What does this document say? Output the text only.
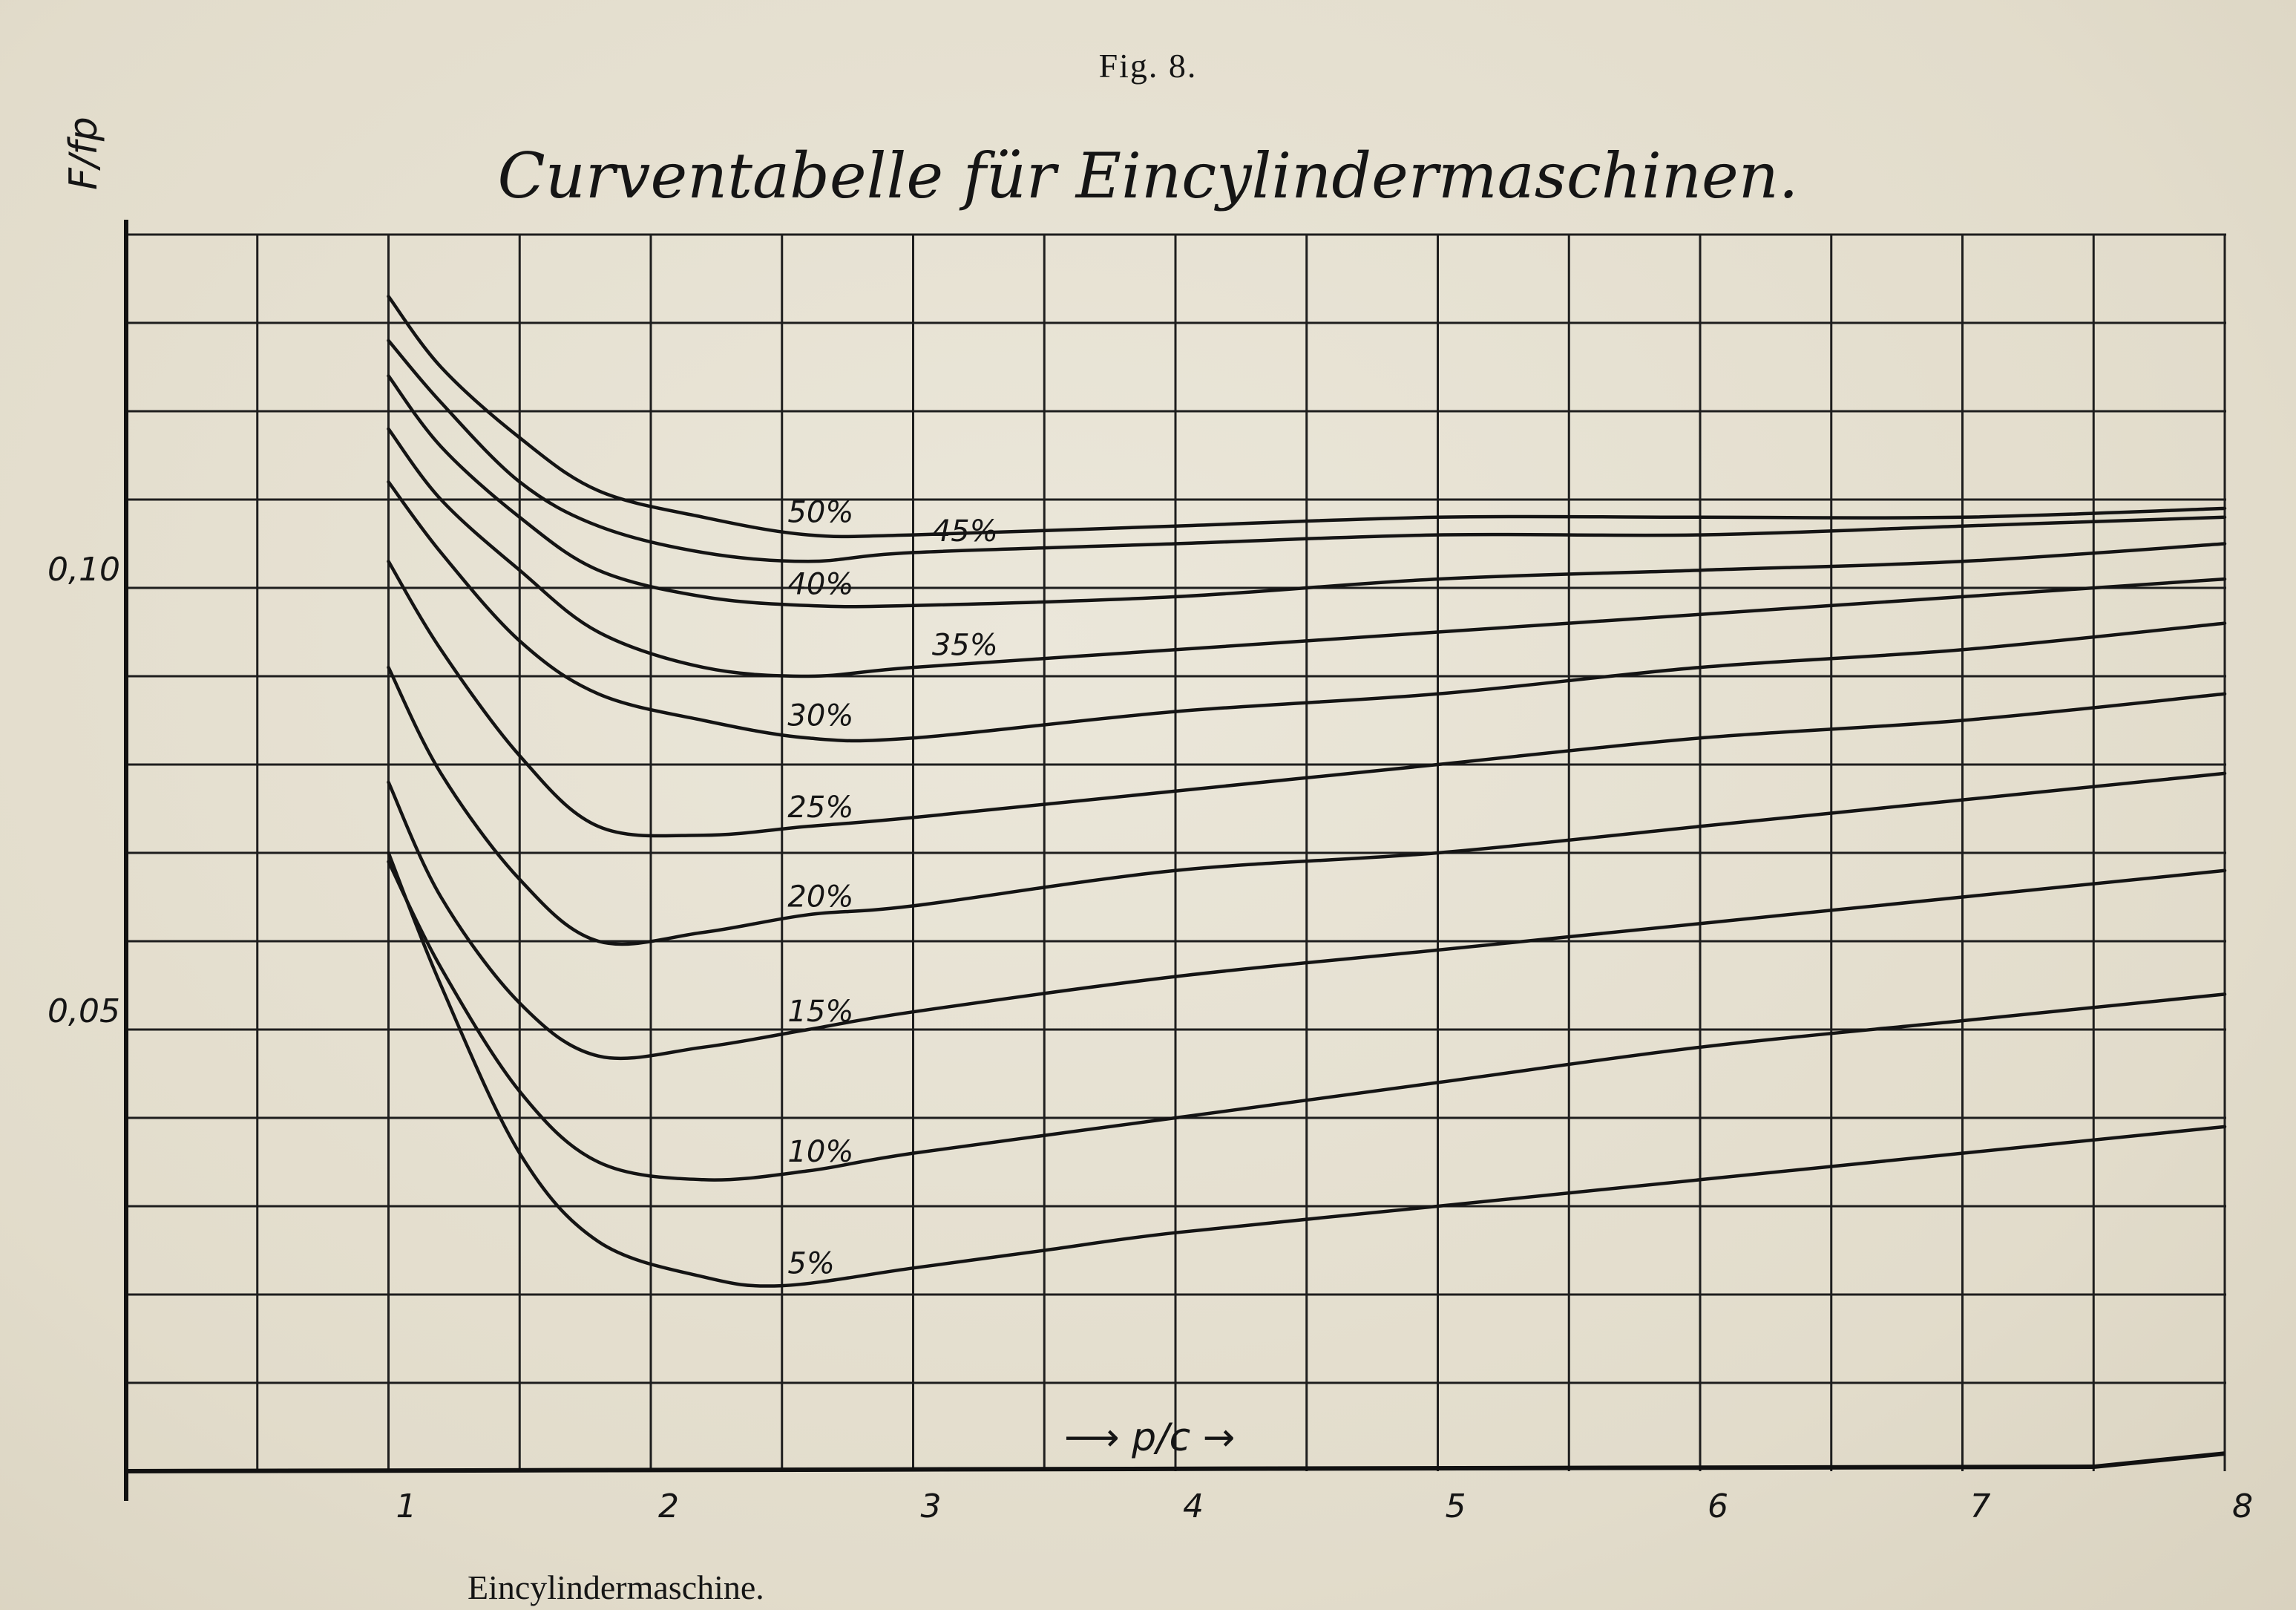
Fig. 8.
Curventabelle für Eincylindermaschinen.
5%
10%
15%
20%
25%
30%
35%
40%
45%
50%
1	2	3	4	5	6	7	8
0,05
0,10
F/fp
⟶ p/c →
Eincylindermaschine.
